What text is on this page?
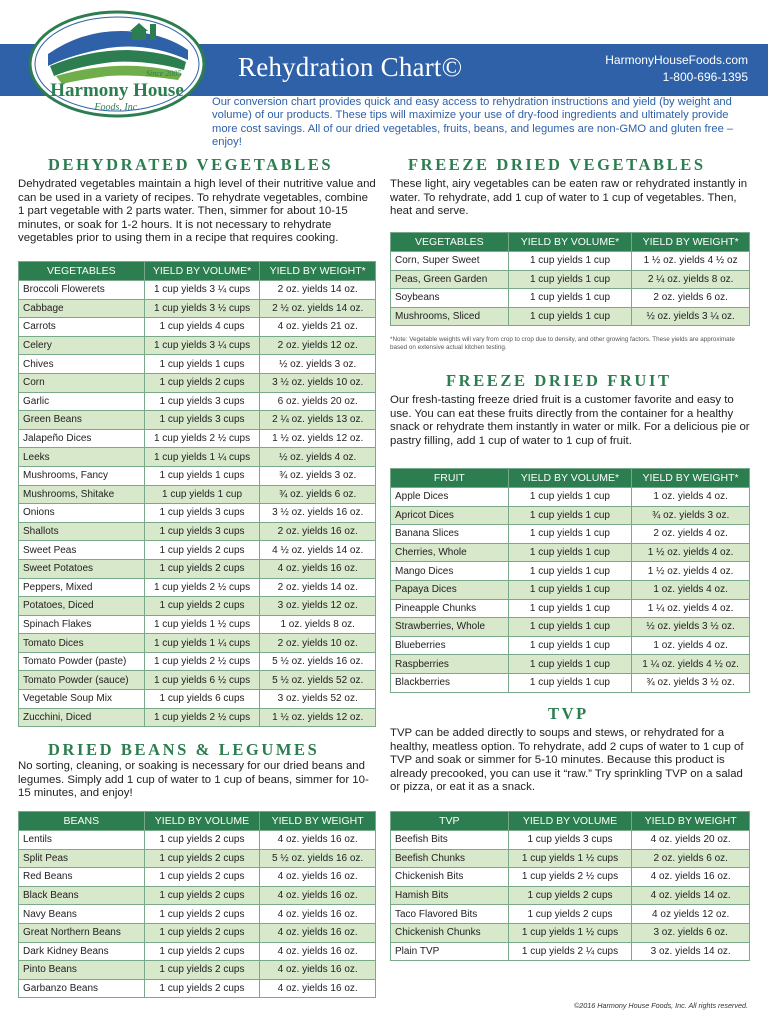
Since 2005
Harmony House
Foods, Inc.
Rehydration Chart©	HarmonyHouseFoods.com
1-800-696-1395
Our conversion chart provides quick and easy access to rehydration instructions and yield (by weight and volume) of our products. These tips will maximize your use of dry-food ingredients and ultimately provide more cost savings. All of our dried vegetables, fruits, beans, and legumes are non-GMO and gluten free – enjoy!
DEHYDRATED VEGETABLES
Dehydrated vegetables maintain a high level of their nutritive value and can be used in a variety of recipes. To rehydrate vegetables, combine 1 part vegetable with 2 parts water. Then, simmer for about 10-15 minutes, or soak for 1-2 hours. It is not necessary to rehydrate vegetables prior to using them in a recipe that requires cooking.
VEGETABLES	YIELD BY VOLUME*	YIELD BY WEIGHT*
Broccoli Flowerets	1 cup yields 3 ¼ cups	2 oz. yields 14 oz.
Cabbage	1 cup yields 3 ½ cups	2 ½ oz. yields 14 oz.
Carrots	1 cup yields 4 cups	4 oz. yields 21 oz.
Celery	1 cup yields 3 ¼ cups	2 oz. yields 12 oz.
Chives	1 cup yields 1 cups	½ oz. yields 3 oz.
Corn	1 cup yields 2 cups	3 ½ oz. yields 10 oz.
Garlic	1 cup yields 3 cups	6 oz. yields 20 oz.
Green Beans	1 cup yields 3 cups	2 ¼ oz. yields 13 oz.
Jalapeño Dices	1 cup yields 2 ½ cups	1 ½ oz. yields 12 oz.
Leeks	1 cup yields 1 ¼ cups	½ oz. yields 4 oz.
Mushrooms, Fancy	1 cup yields 1 cups	¾ oz. yields 3 oz.
Mushrooms, Shitake	1 cup yields 1 cup	¾ oz. yields 6 oz.
Onions	1 cup yields 3 cups	3 ½ oz. yields 16 oz.
Shallots	1 cup yields 3 cups	2 oz. yields 16 oz.
Sweet Peas	1 cup yields 2 cups	4 ½ oz. yields 14 oz.
Sweet Potatoes	1 cup yields 2 cups	4 oz. yields 16 oz.
Peppers, Mixed	1 cup yields 2 ½ cups	2 oz. yields 14 oz.
Potatoes, Diced	1 cup yields 2 cups	3 oz. yields 12 oz.
Spinach Flakes	1 cup yields 1 ½ cups	1 oz. yields 8 oz.
Tomato Dices	1 cup yields 1 ¼ cups	2 oz. yields 10 oz.
Tomato Powder (paste)	1 cup yields 2 ½ cups	5 ½ oz. yields 16 oz.
Tomato Powder (sauce)	1 cup yields 6 ½ cups	5 ½ oz. yields 52 oz.
Vegetable Soup Mix	1 cup yields 6 cups	3 oz. yields 52 oz.
Zucchini, Diced	1 cup yields 2 ½ cups	1 ½ oz. yields 12 oz.
DRIED BEANS & LEGUMES
No sorting, cleaning, or soaking is necessary for our dried beans and legumes. Simply add 1 cup of water to 1 cup of beans, simmer for 10-15 minutes, and enjoy!
BEANS	YIELD BY VOLUME	YIELD BY WEIGHT
Lentils	1 cup yields 2 cups	4 oz. yields 16 oz.
Split Peas	1 cup yields 2 cups	5 ½ oz. yields 16 oz.
Red Beans	1 cup yields 2 cups	4 oz. yields 16 oz.
Black Beans	1 cup yields 2 cups	4 oz. yields 16 oz.
Navy Beans	1 cup yields 2 cups	4 oz. yields 16 oz.
Great Northern Beans	1 cup yields 2 cups	4 oz. yields 16 oz.
Dark Kidney Beans	1 cup yields 2 cups	4 oz. yields 16 oz.
Pinto Beans	1 cup yields 2 cups	4 oz. yields 16 oz.
Garbanzo Beans	1 cup yields 2 cups	4 oz. yields 16 oz.
FREEZE DRIED VEGETABLES
These light, airy vegetables can be eaten raw or rehydrated instantly in water. To rehydrate, add 1 cup of water to 1 cup of vegetables. Then, heat and serve.
VEGETABLES	YIELD BY VOLUME*	YIELD BY WEIGHT*
Corn, Super Sweet	1 cup yields 1 cup	1 ½ oz. yields 4 ½ oz
Peas, Green Garden	1 cup yields 1 cup	2 ¼ oz. yields 8 oz.
Soybeans	1 cup yields 1 cup	2 oz. yields 6 oz.
Mushrooms, Sliced	1 cup yields 1 cup	½ oz. yields 3 ¼ oz.
*Note: Vegetable weights will vary from crop to crop due to density, and other growing factors. These yields are approximate based on extensive actual kitchen testing.
FREEZE DRIED FRUIT
Our fresh-tasting freeze dried fruit is a customer favorite and easy to use. You can eat these fruits directly from the container for a healthy snack or rehydrate them instantly in water or milk. For a delicious pie or pastry filling, add 1 cup of water to 1 cup of fruit.
FRUIT	YIELD BY VOLUME*	YIELD BY WEIGHT*
Apple Dices	1 cup yields 1 cup	1 oz. yields 4 oz.
Apricot Dices	1 cup yields 1 cup	¾ oz. yields 3 oz.
Banana Slices	1 cup yields 1 cup	2 oz. yields 4 oz.
Cherries, Whole	1 cup yields 1 cup	1 ½ oz. yields 4 oz.
Mango Dices	1 cup yields 1 cup	1 ½ oz. yields 4 oz.
Papaya Dices	1 cup yields 1 cup	1 oz. yields 4 oz.
Pineapple Chunks	1 cup yields 1 cup	1 ¼ oz. yields 4 oz.
Strawberries, Whole	1 cup yields 1 cup	½ oz. yields 3 ½ oz.
Blueberries	1 cup yields 1 cup	1 oz. yields 4 oz.
Raspberries	1 cup yields 1 cup	1 ¼ oz. yields 4 ½ oz.
Blackberries	1 cup yields 1 cup	¾ oz. yields 3 ½ oz.
TVP
TVP can be added directly to soups and stews, or rehydrated for a healthy, meatless option. To rehydrate, add 2 cups of water to 1 cup of TVP and soak or simmer for 5-10 minutes. Because this product is already precooked, you can use it “raw.” Try sprinkling TVP on a salad or pizza, or eat it as a snack.
TVP	YIELD BY VOLUME	YIELD BY WEIGHT
Beefish Bits	1 cup yields 3 cups	4 oz. yields 20 oz.
Beefish Chunks	1 cup yields 1 ½ cups	2 oz. yields 6 oz.
Chickenish Bits	1 cup yields 2 ½ cups	4 oz. yields 16 oz.
Hamish Bits	1 cup yields 2 cups	4 oz. yields 14 oz.
Taco Flavored Bits	1 cup yields 2 cups	4 oz yields 12 oz.
Chickenish Chunks	1 cup yields 1 ½ cups	3 oz. yields 6 oz.
Plain TVP	1 cup yields 2 ¼ cups	3 oz. yields 14 oz.
©2016 Harmony House Foods, Inc. All rights reserved.
